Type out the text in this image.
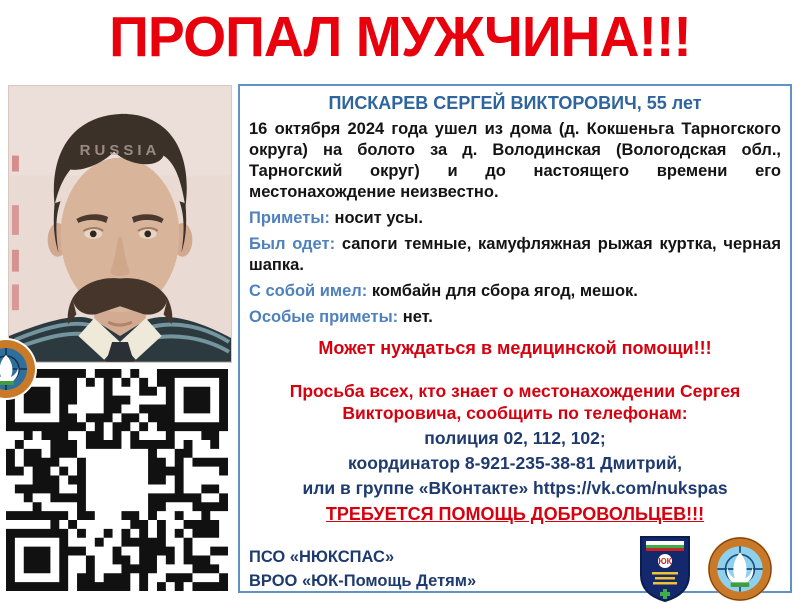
ПРОПАЛ МУЖЧИНА!!!
RUSSIA
ПИСКАРЕВ СЕРГЕЙ ВИКТОРОВИЧ, 55 лет

16 октября 2024 года ушел из дома (д. Кокшеньга Тарногского округа) на болото за д. Володинская (Вологодская обл., Тарногский округ) и до настоящего времени его местонахождение неизвестно.

Приметы: носит усы.

Был одет: сапоги темные, камуфляжная рыжая куртка, черная шапка.

С собой имел: комбайн для сбора ягод, мешок.

Особые приметы: нет.

Может нуждаться в медицинской помощи!!!
Просьба всех, кто знает о местонахождении Сергея
Викторовича, сообщить по телефонам:
полиция 02, 112, 102;
координатор 8-921-235-38-81 Дмитрий,
или в группе «ВКонтакте» https://vk.com/nukspas
ТРЕБУЕТСЯ ПОМОЩЬ ДОБРОВОЛЬЦЕВ!!!
ПСО «НЮКСПАС»
ВРОО «ЮК-Помощь Детям»
ЮК
